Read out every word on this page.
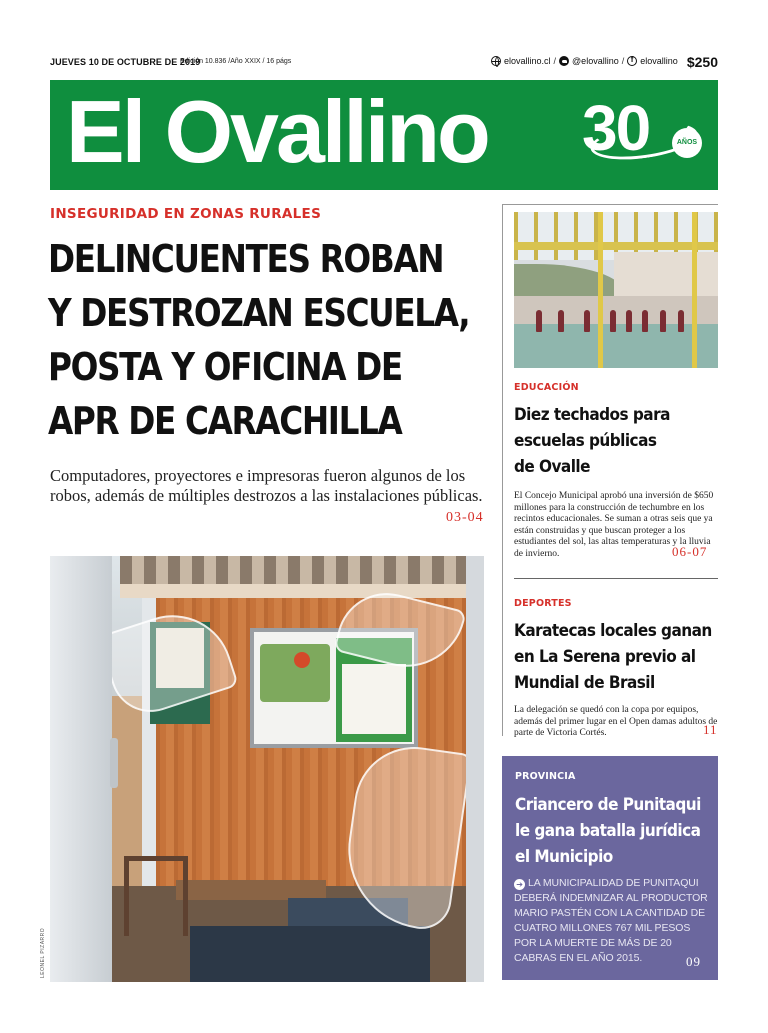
JUEVES 10 DE OCTUBRE DE 2019
Edición 10.836 /Año XXIX / 16 págs	elovallino.cl / @elovallino /
f elovallino $250
El Ovallino 30	AÑOS
INSEGURIDAD EN ZONAS RURALES
DELINCUENTES ROBAN
Y DESTROZAN ESCUELA,
POSTA Y OFICINA DE
APR DE CARACHILLA
Computadores, proyectores e impresoras fueron algunos de los robos, además de múltiples destrozos a las instalaciones públicas.
03-04
LEONEL PIZARRO
EDUCACIÓN
Diez techados para
escuelas públicas
de Ovalle
El Concejo Municipal aprobó una inversión de $650 millones para la construcción de techumbre en los recintos educacionales. Se suman a otras seis que ya están construidas y que buscan proteger a los estudiantes del sol, las altas temperaturas y la lluvia de invierno.	06-07
DEPORTES
Karatecas locales ganan
en La Serena previo al
Mundial de Brasil
La delegación se quedó con la copa por equipos, además del primer lugar en el Open damas adultos de parte de Victoria Cortés.	11
PROVINCIA
Criancero de Punitaqui
le gana batalla jurídica
el Municipio
➔ LA MUNICIPALIDAD DE PUNITAQUI DEBERÁ INDEMNIZAR AL PRODUCTOR MARIO PASTÉN CON LA CANTIDAD DE CUATRO MILLONES 767 MIL PESOS POR LA MUERTE DE MÁS DE 20 CABRAS EN EL AÑO 2015.	09
